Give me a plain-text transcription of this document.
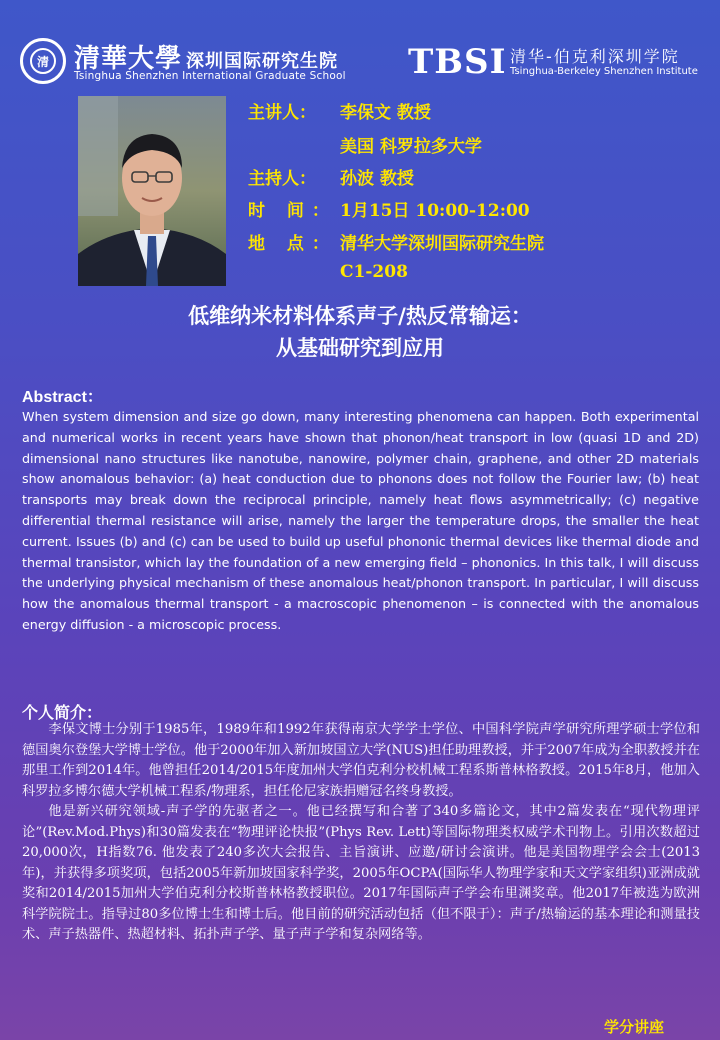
清 清華大學 深圳国际研究生院
Tsinghua Shenzhen International Graduate School TBSI 清华-伯克利深圳学院
Tsinghua-Berkeley Shenzhen Institute
主讲人： 李保文 教授
美国 科罗拉多大学
主持人： 孙波 教授
时 间： 1月15日 10:00-12:00
地 点： 清华大学深圳国际研究生院
C1-208
低维纳米材料体系声子/热反常输运：
从基础研究到应用
Abstract：
When system dimension and size go down, many interesting phenomena can happen. Both experimental and numerical works in recent years have shown that phonon/heat transport in low (quasi 1D and 2D) dimensional nano structures like nanotube, nanowire, polymer chain, graphene, and other 2D materials show anomalous behavior: (a) heat conduction due to phonons does not follow the Fourier law; (b) heat transports may break down the reciprocal principle, namely heat flows asymmetrically; (c) negative differential thermal resistance will arise, namely the larger the temperature drops, the smaller the heat current. Issues (b) and (c) can be used to build up useful phononic thermal devices like thermal diode and thermal transistor, which lay the foundation of a new emerging field – phononics. In this talk, I will discuss the underlying physical mechanism of these anomalous heat/phonon transport. In particular, I will discuss how the anomalous thermal transport - a macroscopic phenomenon – is connected with the anomalous energy diffusion - a microscopic process.
个人简介：

李保文博士分别于1985年，1989年和1992年获得南京大学学士学位、中国科学院声学研究所理学硕士学位和德国奥尔登堡大学博士学位。他于2000年加入新加坡国立大学(NUS)担任助理教授，并于2007年成为全职教授并在那里工作到2014年。他曾担任2014/2015年度加州大学伯克利分校机械工程系斯普林格教授。2015年8月，他加入科罗拉多博尔德大学机械工程系/物理系，担任伦尼家族捐赠冠名终身教授。

他是新兴研究领域-声子学的先驱者之一。他已经撰写和合著了340多篇论文，其中2篇发表在“现代物理评论”(Rev.Mod.Phys)和30篇发表在“物理评论快报”(Phys Rev. Lett)等国际物理类权威学术刊物上。引用次数超过20,000次，H指数76. 他发表了240多次大会报告、主旨演讲、应邀/研讨会演讲。他是美国物理学会会士(2013年)，并获得多项奖项，包括2005年新加坡国家科学奖，2005年OCPA(国际华人物理学家和天文学家组织)亚洲成就奖和2014/2015加州大学伯克利分校斯普林格教授职位。2017年国际声子学会布里渊奖章。他2017年被选为欧洲科学院院士。指导过80多位博士生和博士后。他目前的研究活动包括（但不限于）：声子/热输运的基本理论和测量技术、声子热器件、热超材料、拓扑声子学、量子声子学和复杂网络等。

学分讲座
